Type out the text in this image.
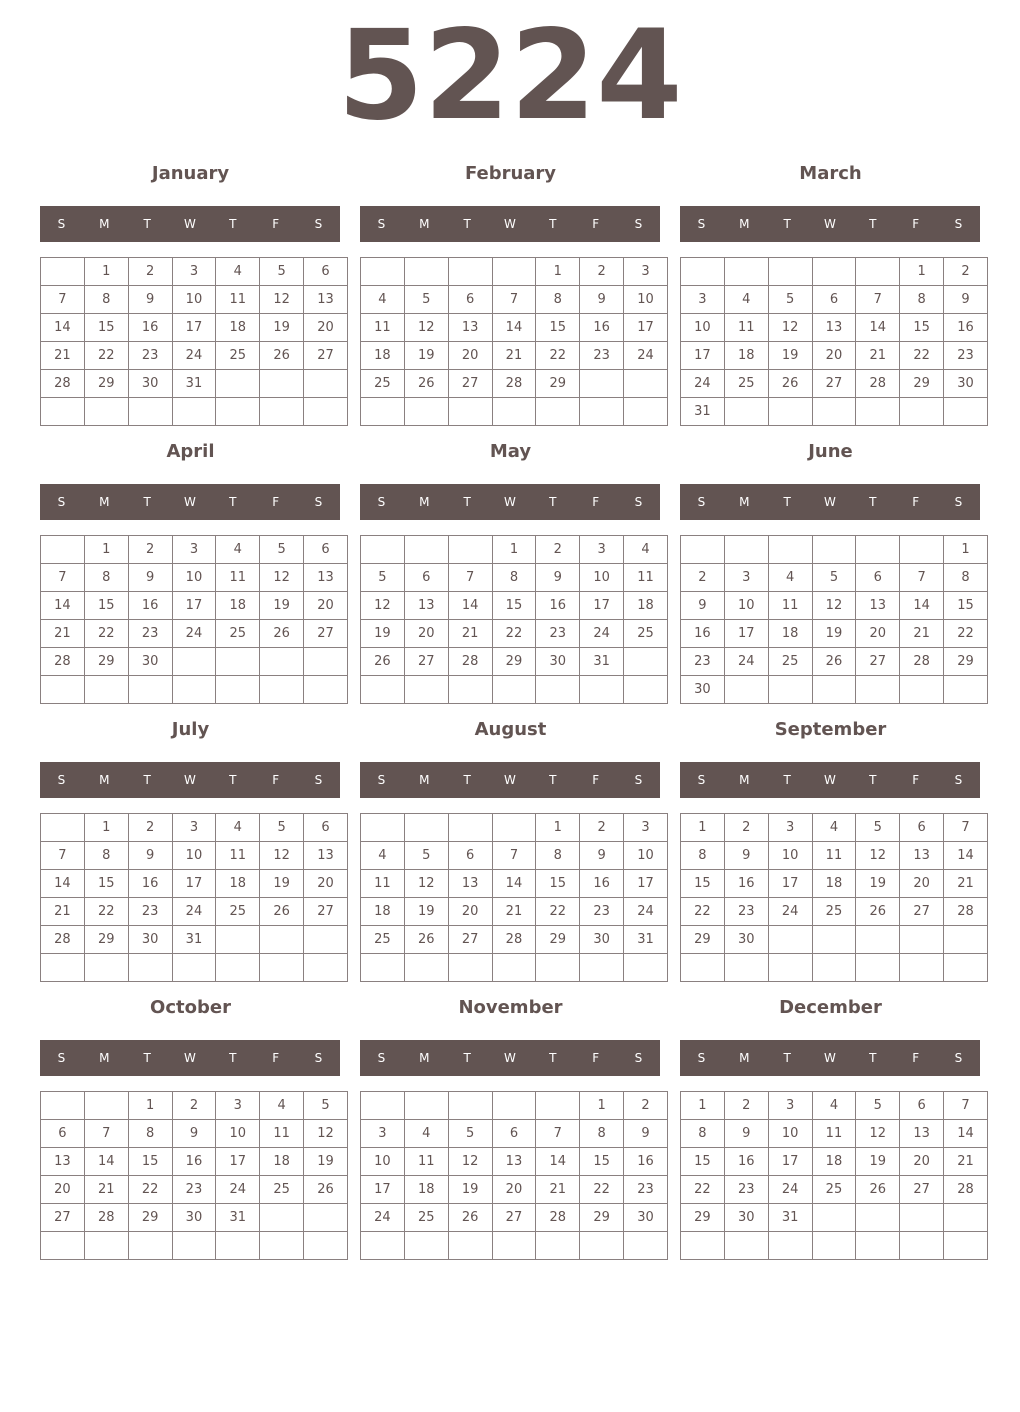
5224
January
S	M	T	W	T	F	S
	1	2	3	4	5	6
7	8	9	10	11	12	13
14	15	16	17	18	19	20
21	22	23	24	25	26	27
28	29	30	31			

February
S	M	T	W	T	F	S
				1	2	3
4	5	6	7	8	9	10
11	12	13	14	15	16	17
18	19	20	21	22	23	24
25	26	27	28	29		

March
S	M	T	W	T	F	S
					1	2
3	4	5	6	7	8	9
10	11	12	13	14	15	16
17	18	19	20	21	22	23
24	25	26	27	28	29	30
31						
April
S	M	T	W	T	F	S
	1	2	3	4	5	6
7	8	9	10	11	12	13
14	15	16	17	18	19	20
21	22	23	24	25	26	27
28	29	30				

May
S	M	T	W	T	F	S
			1	2	3	4
5	6	7	8	9	10	11
12	13	14	15	16	17	18
19	20	21	22	23	24	25
26	27	28	29	30	31	

June
S	M	T	W	T	F	S
						1
2	3	4	5	6	7	8
9	10	11	12	13	14	15
16	17	18	19	20	21	22
23	24	25	26	27	28	29
30						
July
S	M	T	W	T	F	S
	1	2	3	4	5	6
7	8	9	10	11	12	13
14	15	16	17	18	19	20
21	22	23	24	25	26	27
28	29	30	31			

August
S	M	T	W	T	F	S
				1	2	3
4	5	6	7	8	9	10
11	12	13	14	15	16	17
18	19	20	21	22	23	24
25	26	27	28	29	30	31

September
S	M	T	W	T	F	S
1	2	3	4	5	6	7
8	9	10	11	12	13	14
15	16	17	18	19	20	21
22	23	24	25	26	27	28
29	30					

October
S	M	T	W	T	F	S
		1	2	3	4	5
6	7	8	9	10	11	12
13	14	15	16	17	18	19
20	21	22	23	24	25	26
27	28	29	30	31		

November
S	M	T	W	T	F	S
					1	2
3	4	5	6	7	8	9
10	11	12	13	14	15	16
17	18	19	20	21	22	23
24	25	26	27	28	29	30

December
S	M	T	W	T	F	S
1	2	3	4	5	6	7
8	9	10	11	12	13	14
15	16	17	18	19	20	21
22	23	24	25	26	27	28
29	30	31				
